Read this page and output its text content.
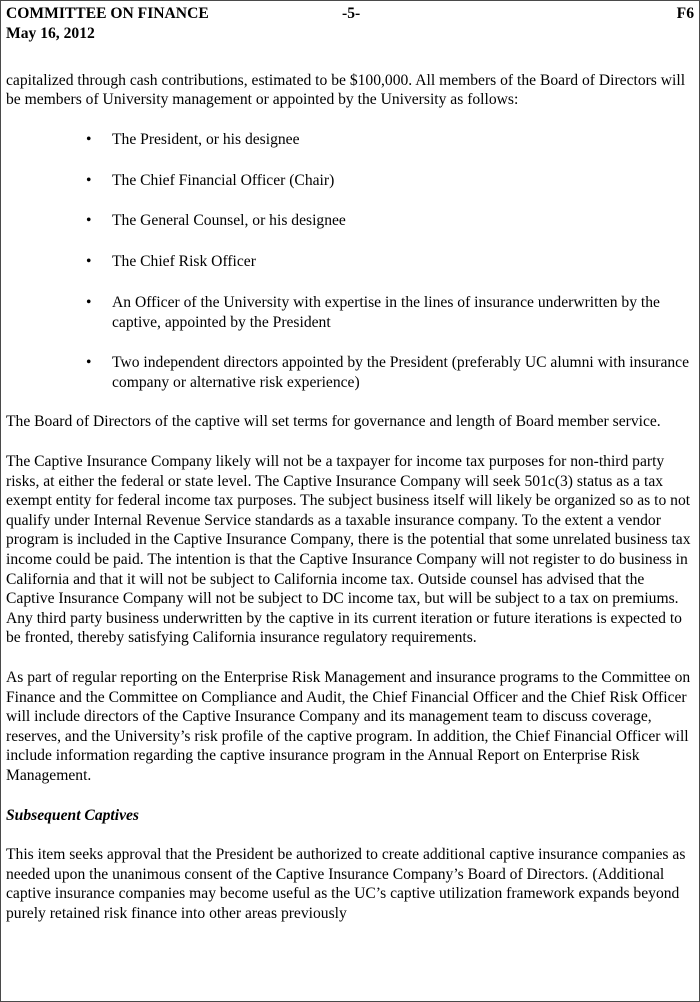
COMMITTEE ON FINANCE	-5-	F6
May 16, 2012

capitalized through cash contributions, estimated to be $100,000. All members of the Board of Directors will be members of University management or appointed by the University as follows:

• The President, or his designee
• The Chief Financial Officer (Chair)
• The General Counsel, or his designee
• The Chief Risk Officer
• An Officer of the University with expertise in the lines of insurance underwritten by the captive, appointed by the President
• Two independent directors appointed by the President (preferably UC alumni with insurance company or alternative risk experience)

The Board of Directors of the captive will set terms for governance and length of Board member service.

The Captive Insurance Company likely will not be a taxpayer for income tax purposes for non-third party risks, at either the federal or state level. The Captive Insurance Company will seek 501c(3) status as a tax exempt entity for federal income tax purposes. The subject business itself will likely be organized so as to not qualify under Internal Revenue Service standards as a taxable insurance company. To the extent a vendor program is included in the Captive Insurance Company, there is the potential that some unrelated business tax income could be paid. The intention is that the Captive Insurance Company will not register to do business in California and that it will not be subject to California income tax. Outside counsel has advised that the Captive Insurance Company will not be subject to DC income tax, but will be subject to a tax on premiums. Any third party business underwritten by the captive in its current iteration or future iterations is expected to be fronted, thereby satisfying California insurance regulatory requirements.

As part of regular reporting on the Enterprise Risk Management and insurance programs to the Committee on Finance and the Committee on Compliance and Audit, the Chief Financial Officer and the Chief Risk Officer will include directors of the Captive Insurance Company and its management team to discuss coverage, reserves, and the University’s risk profile of the captive program. In addition, the Chief Financial Officer will include information regarding the captive insurance program in the Annual Report on Enterprise Risk Management.

Subsequent Captives

This item seeks approval that the President be authorized to create additional captive insurance companies as needed upon the unanimous consent of the Captive Insurance Company’s Board of Directors. (Additional captive insurance companies may become useful as the UC’s captive utilization framework expands beyond purely retained risk finance into other areas previously
